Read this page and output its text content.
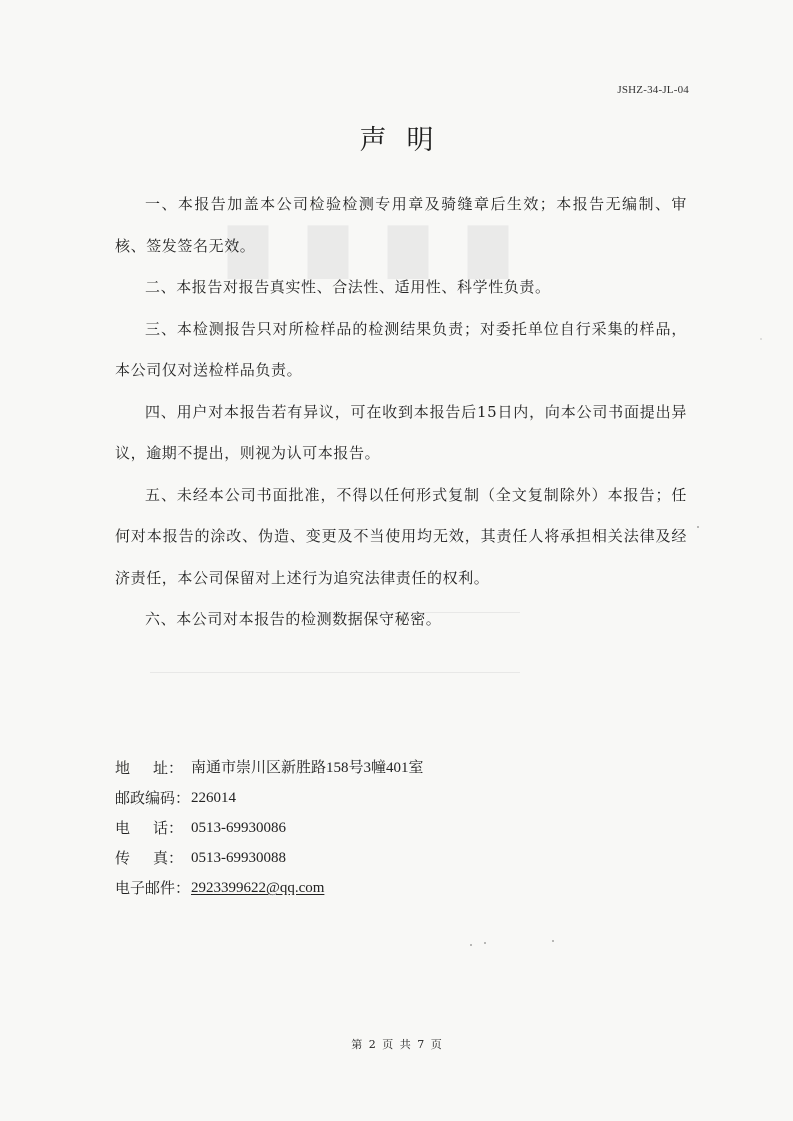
▇▇▇▇
JSHZ-34-JL-04
声明

一、本报告加盖本公司检验检测专用章及骑缝章后生效；本报告无编制、审核、签发签名无效。

二、本报告对报告真实性、合法性、适用性、科学性负责。

三、本检测报告只对所检样品的检测结果负责；对委托单位自行采集的样品，本公司仅对送检样品负责。

四、用户对本报告若有异议，可在收到本报告后15日内，向本公司书面提出异议，逾期不提出，则视为认可本报告。

五、未经本公司书面批准，不得以任何形式复制（全文复制除外）本报告；任何对本报告的涂改、伪造、变更及不当使用均无效，其责任人将承担相关法律及经济责任，本公司保留对上述行为追究法律责任的权利。

六、本公司对本报告的检测数据保守秘密。

地 址： 南通市崇川区新胜路158号3幢401室
邮政编码： 226014
电 话： 0513-69930086
传 真： 0513-69930088
电子邮件： 2923399622@qq.com
第 2 页 共 7 页
